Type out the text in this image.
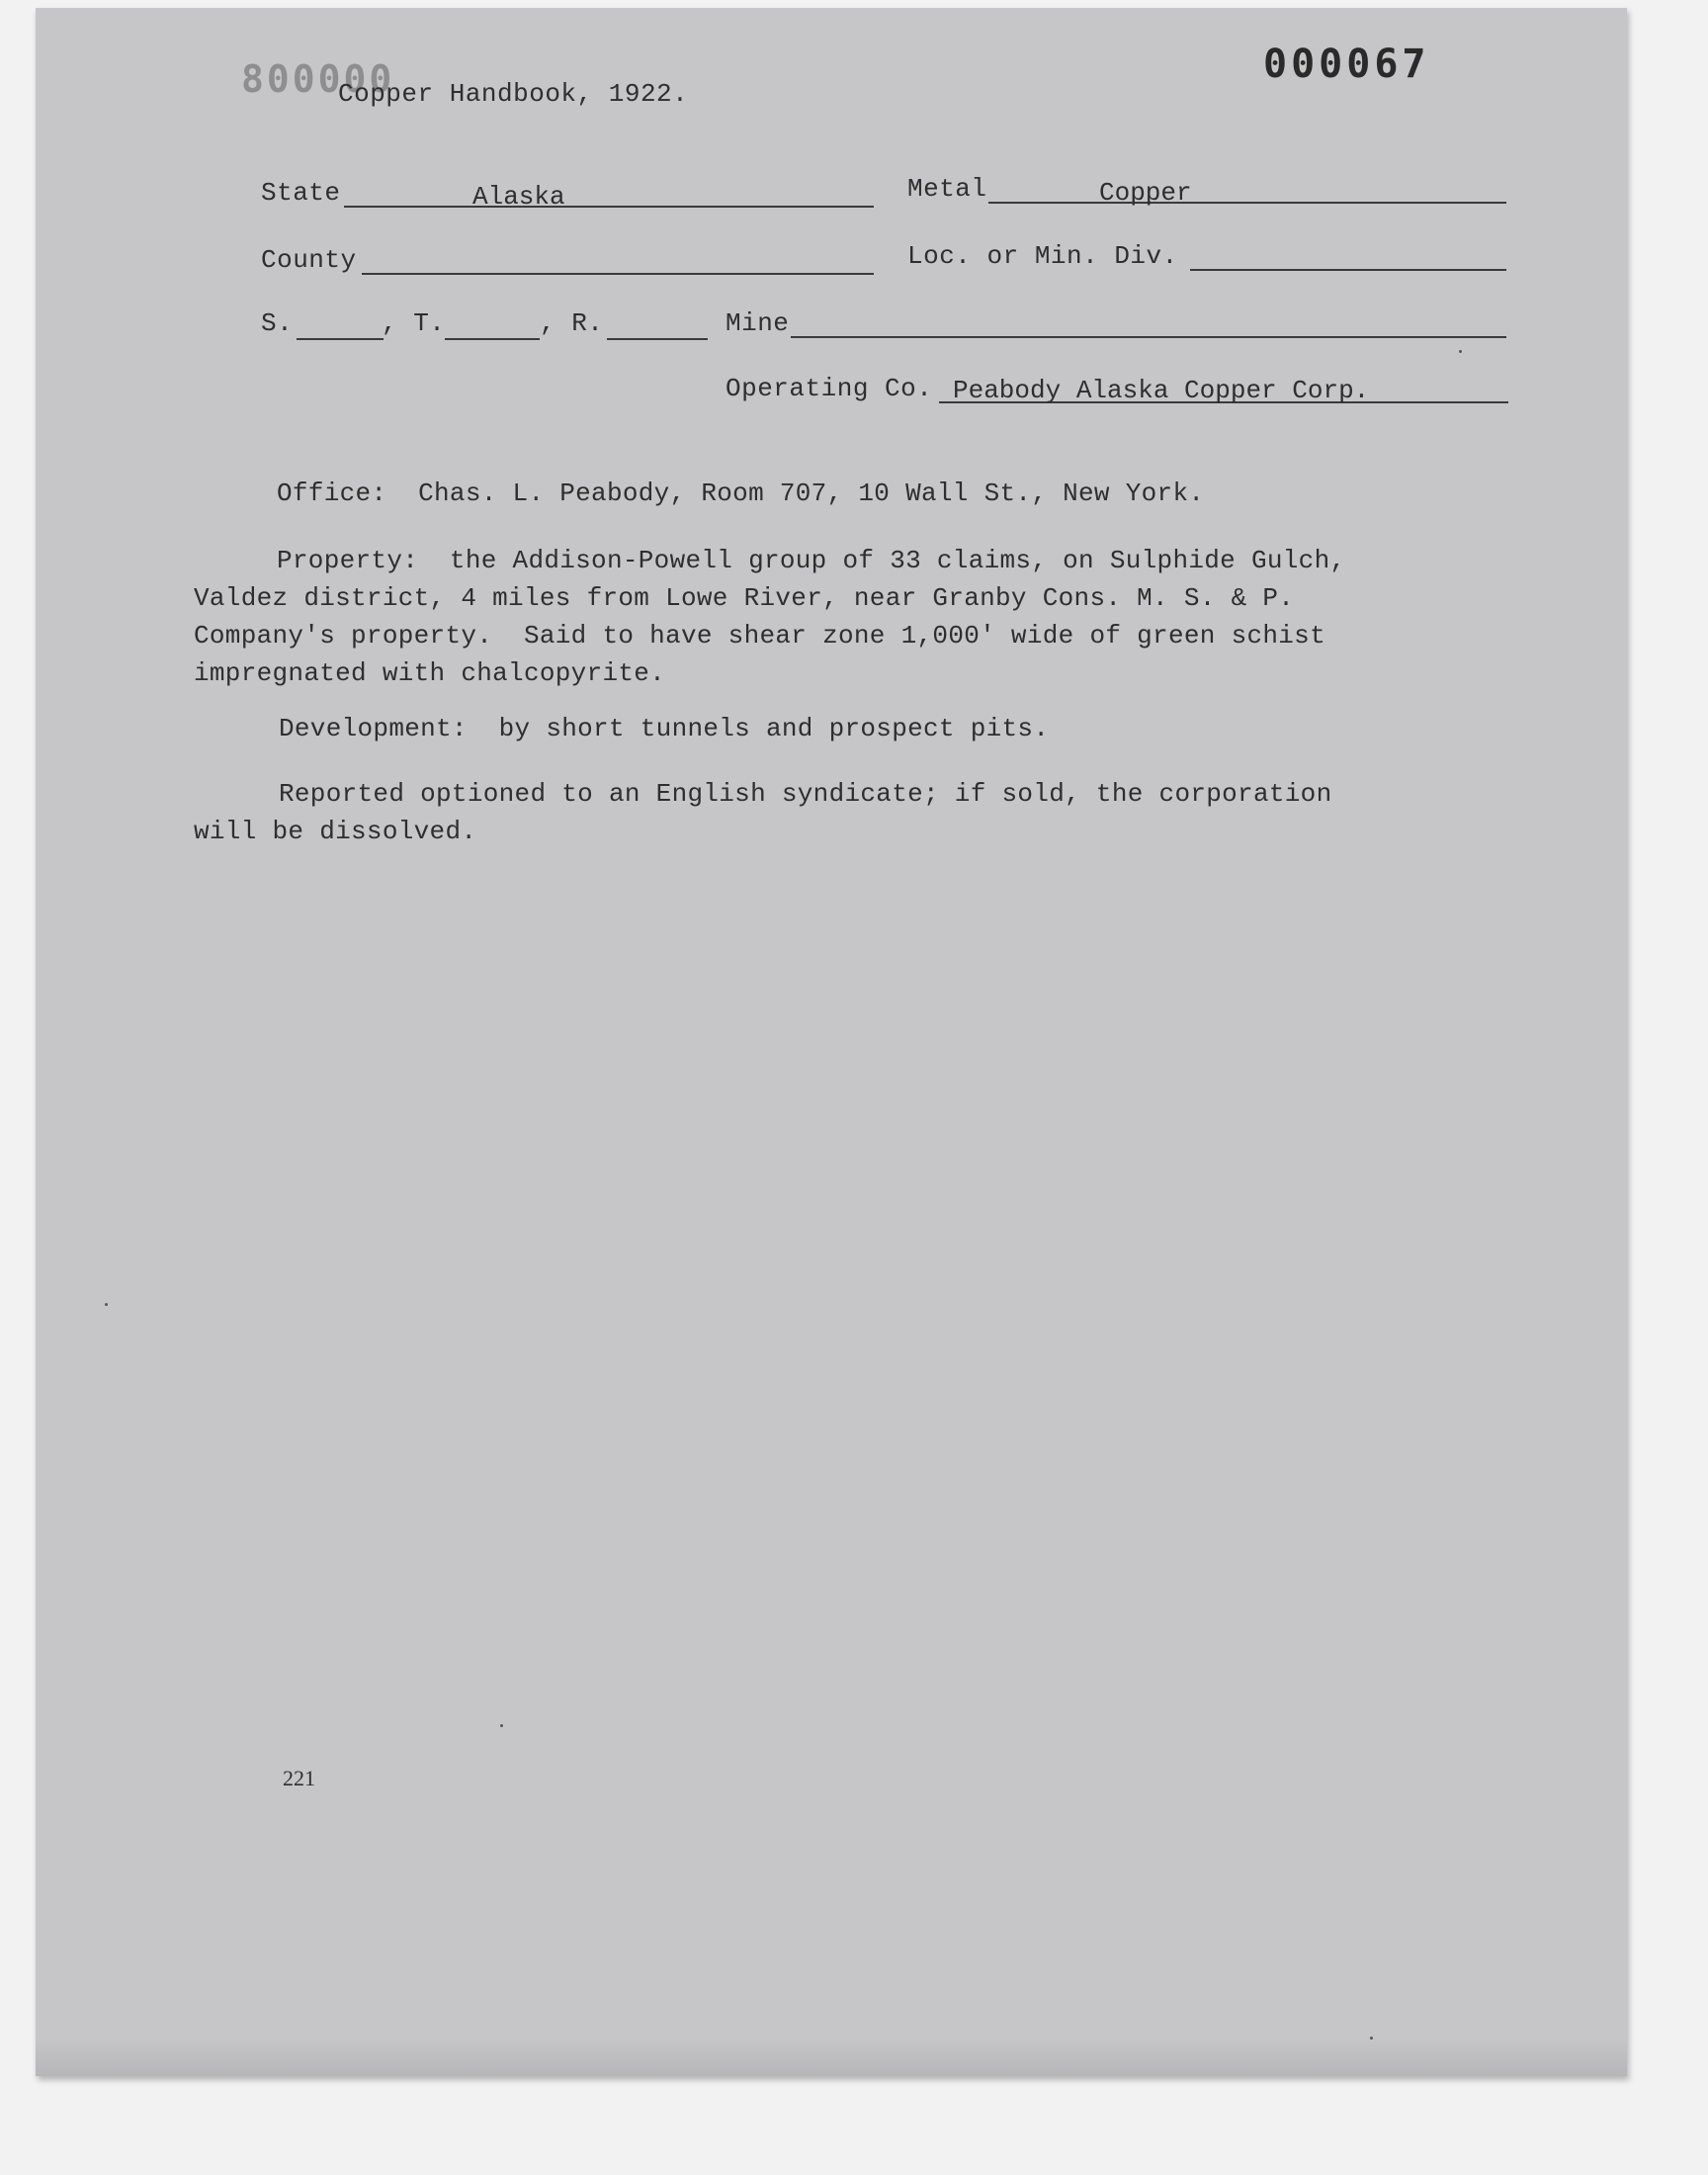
800000	000067
Copper Handbook, 1922.
State	Alaska	Metal	Copper
County	Loc. or Min. Div.
S.	, T.	, R.	Mine
Operating Co. Peabody Alaska Copper Corp.
Office:  Chas. L. Peabody, Room 707, 10 Wall St., New York.
Property:  the Addison-Powell group of 33 claims, on Sulphide Gulch,
Valdez district, 4 miles from Lowe River, near Granby Cons. M. S. & P.
Company's property.  Said to have shear zone 1,000' wide of green schist
impregnated with chalcopyrite.
Development:  by short tunnels and prospect pits.
Reported optioned to an English syndicate; if sold, the corporation
will be dissolved.
221
